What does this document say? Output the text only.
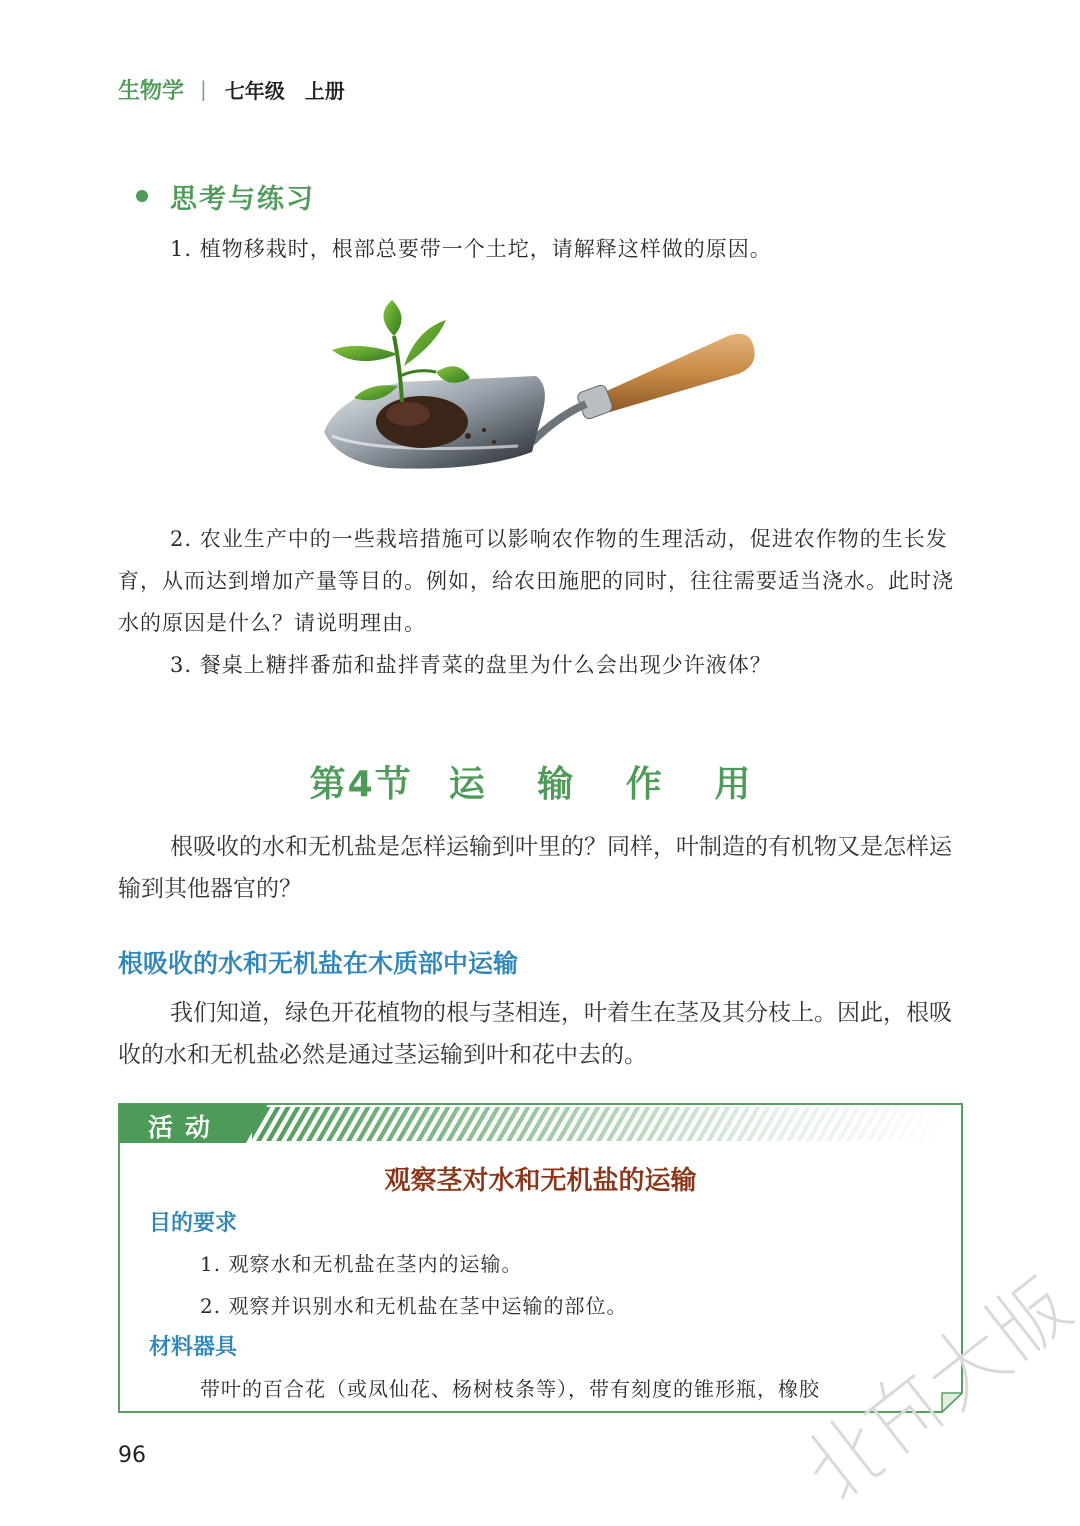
生物学 | 七年级 上册
思考与练习
1. 植物移栽时，根部总要带一个土坨，请解释这样做的原因。
2. 农业生产中的一些栽培措施可以影响农作物的生理活动，促进农作物的生长发育，从而达到增加产量等目的。例如，给农田施肥的同时，往往需要适当浇水。此时浇水的原因是什么？请说明理由。
3. 餐桌上糖拌番茄和盐拌青菜的盘里为什么会出现少许液体？
第4节 运 输 作 用
根吸收的水和无机盐是怎样运输到叶里的？同样，叶制造的有机物又是怎样运输到其他器官的？
根吸收的水和无机盐在木质部中运输
我们知道，绿色开花植物的根与茎相连，叶着生在茎及其分枝上。因此，根吸收的水和无机盐必然是通过茎运输到叶和花中去的。
活动
观察茎对水和无机盐的运输
目的要求
1. 观察水和无机盐在茎内的运输。
2. 观察并识别水和无机盐在茎中运输的部位。
材料器具
带叶的百合花（或凤仙花、杨树枝条等），带有刻度的锥形瓶，橡胶
96
